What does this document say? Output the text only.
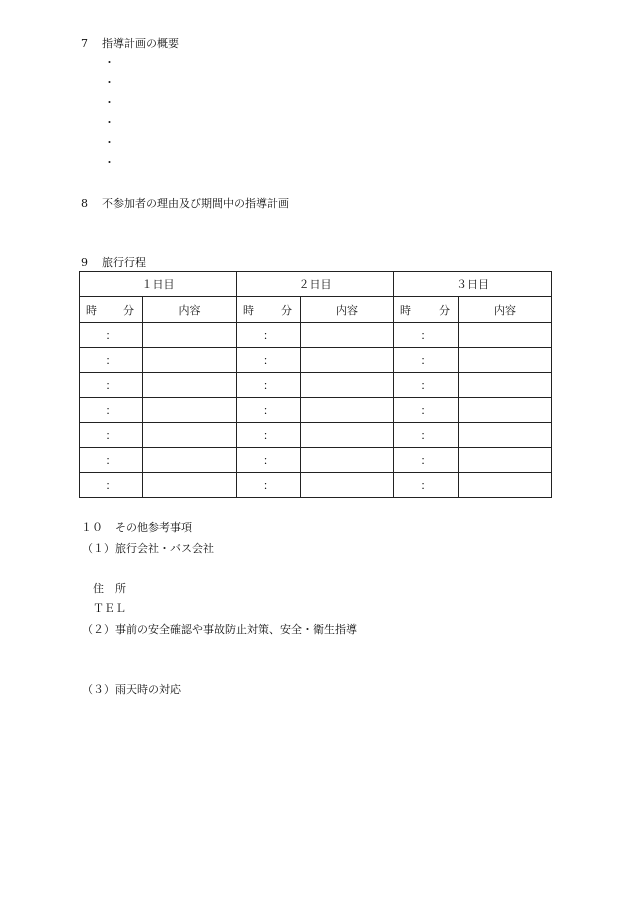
7 指導計画の概要
・
・
・
・
・
・
8 不参加者の理由及び期間中の指導計画
9 旅行行程
１日目		２日目		３日目	

時 分	内容	時 分	内容	時 分	内容
：		：		：	
：		：		：	
：		：		：	
：		：		：	
：		：		：	
：		：		：	
：		：		：	
１０ その他参考事項
（１）旅行会社・バス会社
住　所
ＴＥＬ
（２）事前の安全確認や事故防止対策、安全・衛生指導
（３）雨天時の対応
